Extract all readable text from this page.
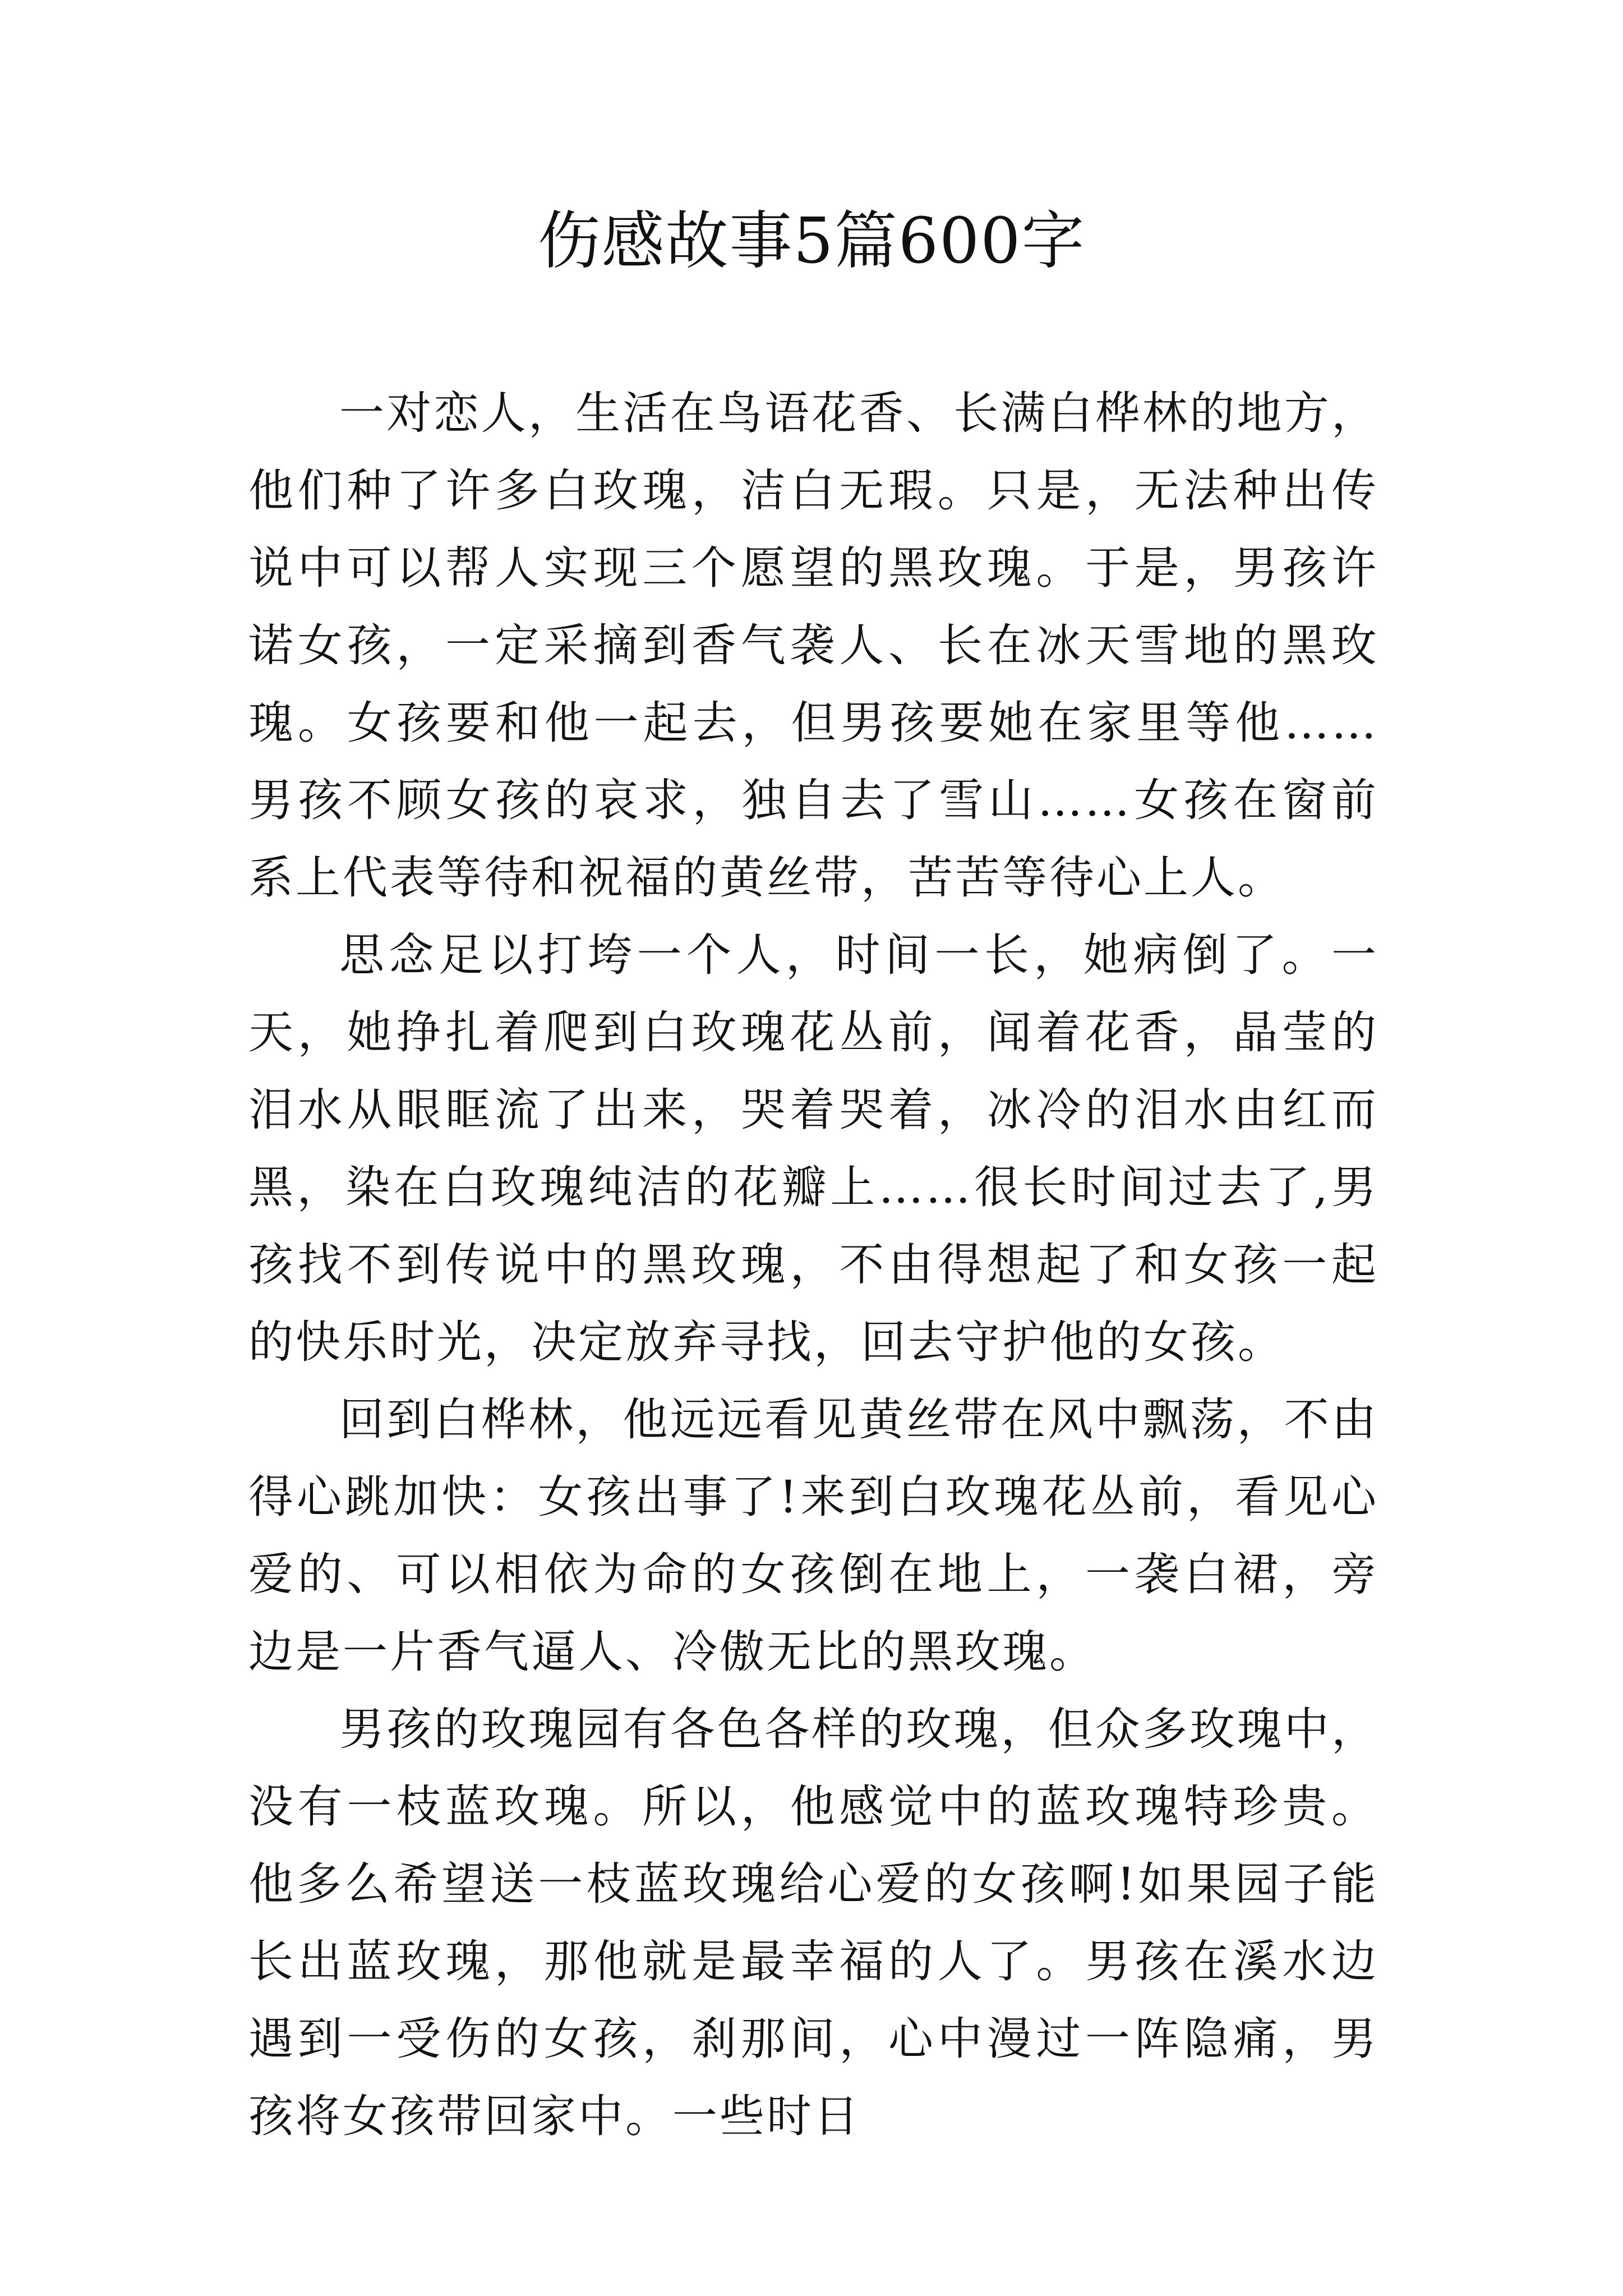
伤感故事5篇600字

一对恋人，生活在鸟语花香、长满白桦林的地方，他们种了许多白玫瑰，洁白无瑕。只是，无法种出传说中可以帮人实现三个愿望的黑玫瑰。于是，男孩许诺女孩，一定采摘到香气袭人、长在冰天雪地的黑玫瑰。女孩要和他一起去，但男孩要她在家里等他……男孩不顾女孩的哀求，独自去了雪山……女孩在窗前系上代表等待和祝福的黄丝带，苦苦等待心上人。

思念足以打垮一个人，时间一长，她病倒了。一天，她挣扎着爬到白玫瑰花丛前，闻着花香，晶莹的泪水从眼眶流了出来，哭着哭着，冰冷的泪水由红而黑，染在白玫瑰纯洁的花瓣上……很长时间过去了,男孩找不到传说中的黑玫瑰，不由得想起了和女孩一起的快乐时光，决定放弃寻找，回去守护他的女孩。

回到白桦林，他远远看见黄丝带在风中飘荡，不由得心跳加快：女孩出事了!来到白玫瑰花丛前，看见心爱的、可以相依为命的女孩倒在地上，一袭白裙，旁边是一片香气逼人、冷傲无比的黑玫瑰。

男孩的玫瑰园有各色各样的玫瑰，但众多玫瑰中，没有一枝蓝玫瑰。所以，他感觉中的蓝玫瑰特珍贵。他多么希望送一枝蓝玫瑰给心爱的女孩啊!如果园子能长出蓝玫瑰，那他就是最幸福的人了。男孩在溪水边遇到一受伤的女孩，刹那间，心中漫过一阵隐痛，男孩将女孩带回家中。一些时日
